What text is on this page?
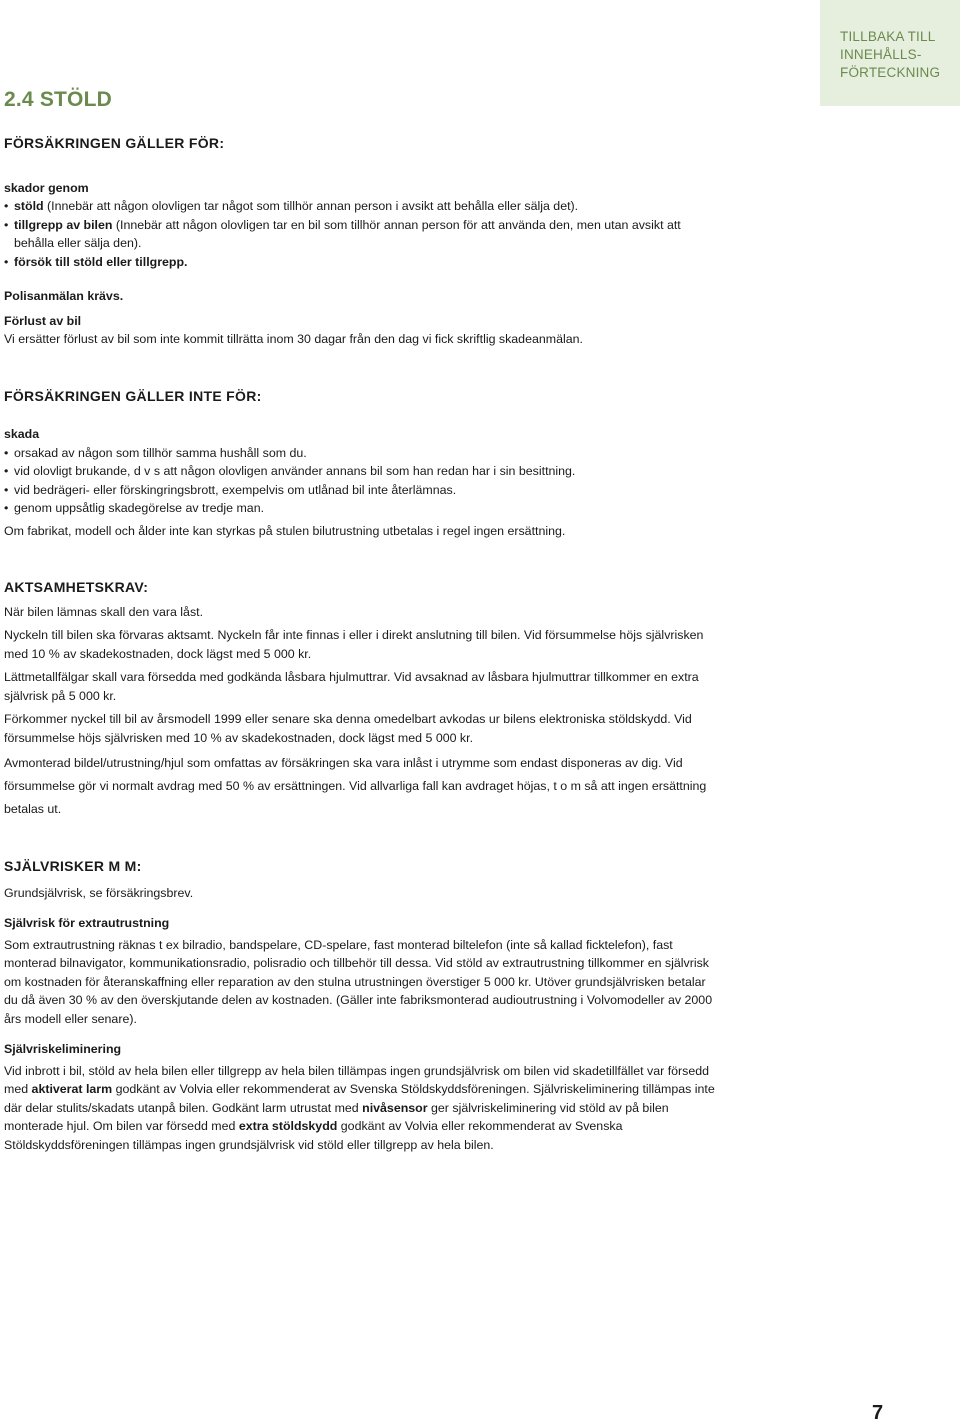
TILLBAKA TILL
INNEHÅLLS-
FÖRTECKNING
2.4 STÖLD

FÖRSÄKRINGEN GÄLLER FÖR:

skador genom

• stöld (Innebär att någon olovligen tar något som tillhör annan person i avsikt att behålla eller sälja det).
• tillgrepp av bilen (Innebär att någon olovligen tar en bil som tillhör annan person för att använda den, men utan avsikt att behålla eller sälja den).
• försök till stöld eller tillgrepp.

Polisanmälan krävs.

Förlust av bil

Vi ersätter förlust av bil som inte kommit tillrätta inom 30 dagar från den dag vi fick skriftlig skadeanmälan.

FÖRSÄKRINGEN GÄLLER INTE FÖR:

skada

• orsakad av någon som tillhör samma hushåll som du.
• vid olovligt brukande, d v s att någon olovligen använder annans bil som han redan har i sin besittning.
• vid bedrägeri- eller förskingringsbrott, exempelvis om utlånad bil inte återlämnas.
• genom uppsåtlig skadegörelse av tredje man.

Om fabrikat, modell och ålder inte kan styrkas på stulen bilutrustning utbetalas i regel ingen ersättning.

AKTSAMHETSKRAV:

När bilen lämnas skall den vara låst.

Nyckeln till bilen ska förvaras aktsamt. Nyckeln får inte finnas i eller i direkt anslutning till bilen. Vid försummelse höjs självrisken med 10 % av skadekostnaden, dock lägst med 5 000 kr.

Lättmetallfälgar skall vara försedda med godkända låsbara hjulmuttrar. Vid avsaknad av låsbara hjulmuttrar tillkommer en extra självrisk på 5 000 kr.

Förkommer nyckel till bil av årsmodell 1999 eller senare ska denna omedelbart avkodas ur bilens elektroniska stöldskydd. Vid försummelse höjs självrisken med 10 % av skadekostnaden, dock lägst med 5 000 kr.

Avmonterad bildel/utrustning/hjul som omfattas av försäkringen ska vara inlåst i utrymme som endast disponeras av dig. Vid försummelse gör vi normalt avdrag med 50 % av ersättningen. Vid allvarliga fall kan avdraget höjas, t o m så att ingen ersättning betalas ut.

SJÄLVRISKER M M:

Grundsjälvrisk, se försäkringsbrev.

Självrisk för extrautrustning

Som extrautrustning räknas t ex bilradio, bandspelare, CD-spelare, fast monterad biltelefon (inte så kallad ficktelefon), fast monterad bilnavigator, kommunikationsradio, polisradio och tillbehör till dessa. Vid stöld av extrautrustning tillkommer en självrisk om kostnaden för återanskaffning eller reparation av den stulna utrustningen överstiger 5 000 kr. Utöver grundsjälvrisken betalar du då även 30 % av den överskjutande delen av kostnaden. (Gäller inte fabriksmonterad audioutrustning i Volvomodeller av 2000 års modell eller senare).

Självriskeliminering

Vid inbrott i bil, stöld av hela bilen eller tillgrepp av hela bilen tillämpas ingen grundsjälvrisk om bilen vid skadetillfället var försedd med aktiverat larm godkänt av Volvia eller rekommenderat av Svenska Stöldskyddsföreningen. Självriskeliminering tillämpas inte där delar stulits/skadats utanpå bilen. Godkänt larm utrustat med nivåsensor ger självriskeliminering vid stöld av på bilen monterade hjul. Om bilen var försedd med extra stöldskydd godkänt av Volvia eller rekommenderat av Svenska Stöldskyddsföreningen tillämpas ingen grundsjälvrisk vid stöld eller tillgrepp av hela bilen.

7
